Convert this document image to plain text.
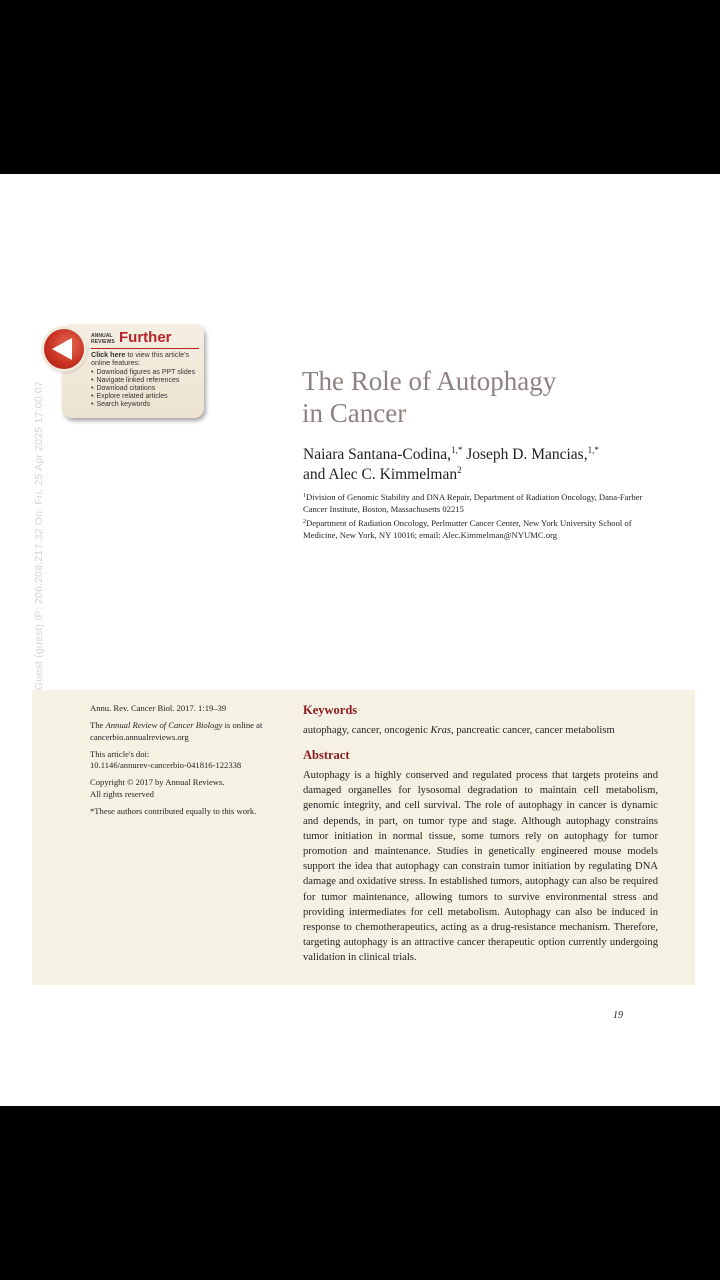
Guest (guest) IP: 206.208.217.32 On: Fri, 25 Apr 2025 17:00:07
ANNUAL
REVIEWS Further
Click here to view this article's online features:
• Download figures as PPT slides
• Navigate linked references
• Download citations
• Explore related articles
• Search keywords
The Role of Autophagy
in Cancer
Naiara Santana-Codina,$^{1,*}$ Joseph D. Mancias,$^{1,*}$
and Alec C. Kimmelman$^2$
$^1$Division of Genomic Stability and DNA Repair, Department of Radiation Oncology, Dana-Farber Cancer Institute, Boston, Massachusetts 02215
$^2$Department of Radiation Oncology, Perlmutter Cancer Center, New York University School of Medicine, New York, NY 10016; email: Alec.Kimmelman@NYUMC.org

Annu. Rev. Cancer Biol. 2017. 1:19–39

The Annual Review of Cancer Biology is online at cancerbio.annualreviews.org

This article's doi:
10.1146/annurev-cancerbio-041816-122338

Copyright © 2017 by Annual Reviews.
All rights reserved

*These authors contributed equally to this work.

Keywords
autophagy, cancer, oncogenic Kras, pancreatic cancer, cancer metabolism
Abstract
Autophagy is a highly conserved and regulated process that targets proteins and damaged organelles for lysosomal degradation to maintain cell metabolism, genomic integrity, and cell survival. The role of autophagy in cancer is dynamic and depends, in part, on tumor type and stage. Although autophagy constrains tumor initiation in normal tissue, some tumors rely on autophagy for tumor promotion and maintenance. Studies in genetically engineered mouse models support the idea that autophagy can constrain tumor initiation by regulating DNA damage and oxidative stress. In established tumors, autophagy can also be required for tumor maintenance, allowing tumors to survive environmental stress and providing intermediates for cell metabolism. Autophagy can also be induced in response to chemotherapeutics, acting as a drug-resistance mechanism. Therefore, targeting autophagy is an attractive cancer therapeutic option currently undergoing validation in clinical trials.
19
